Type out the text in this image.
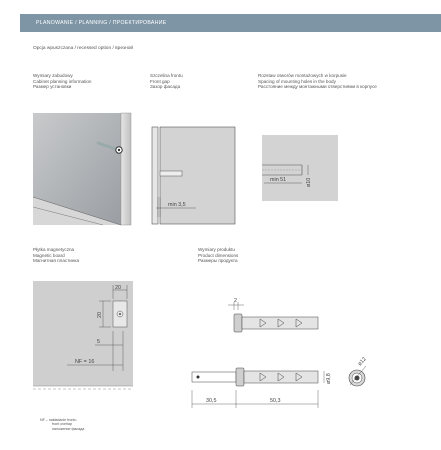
PLANOWANIE / PLANNING / ПРОЕКТИРОВАНИЕ
Opcja wpuszczana / recessed option / врезной
Wymiary zabudowy
Cabinet planning information
Размер установки
Szczelina frontu
Front gap
Зазор фасада
Rozstaw otworów montażowych w korpusie
Spacing of mounting holes in the body
Расстояние между монтажными отверстиями в корпусе
Płytka magnetyczna
Magnetic board
Магнитная пластинка
Wymiary produktu
Product dimensions
Размеры продукта
min 3,5
min 51	ø10
20
20
5
NF = 16
2
ø9,8
30,5	50,3
ø12
NF – nakładanie frontu
front overlap
наложение фасада
